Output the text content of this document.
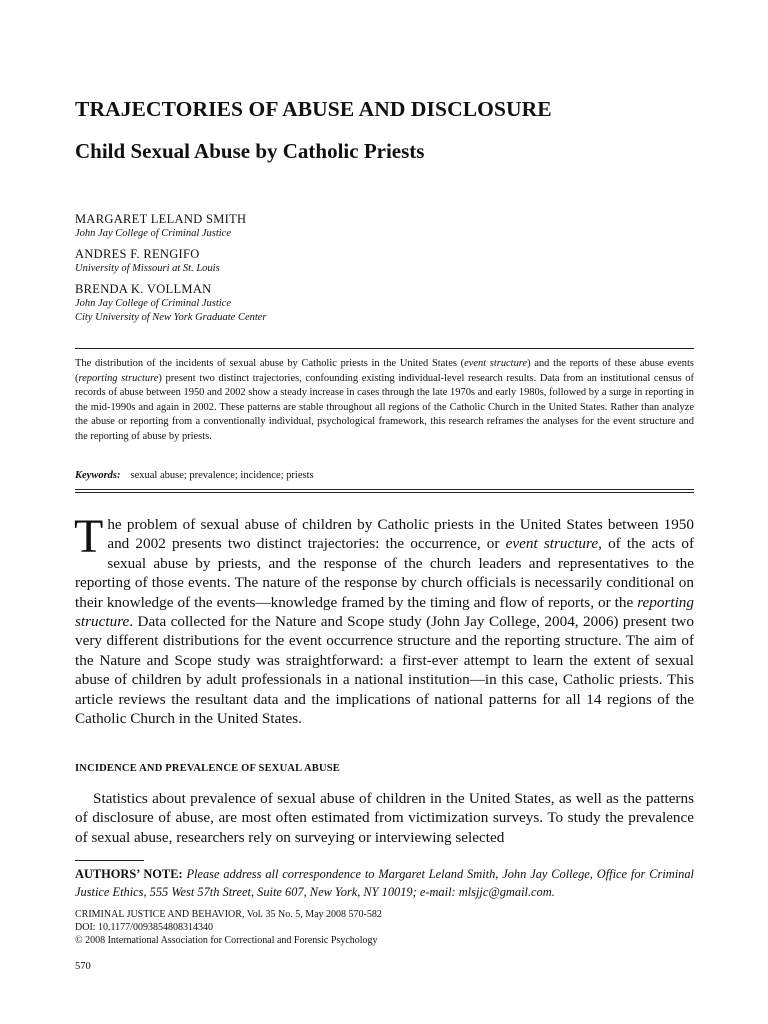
TRAJECTORIES OF ABUSE AND DISCLOSURE
Child Sexual Abuse by Catholic Priests
MARGARET LELAND SMITH
John Jay College of Criminal Justice
ANDRES F. RENGIFO
University of Missouri at St. Louis
BRENDA K. VOLLMAN
John Jay College of Criminal Justice
City University of New York Graduate Center
The distribution of the incidents of sexual abuse by Catholic priests in the United States (event structure) and the reports of these abuse events (reporting structure) present two distinct trajectories, confounding existing individual-level research results. Data from an institutional census of records of abuse between 1950 and 2002 show a steady increase in cases through the late 1970s and early 1980s, followed by a surge in reporting in the mid-1990s and again in 2002. These patterns are stable throughout all regions of the Catholic Church in the United States. Rather than analyze the abuse or reporting from a conventionally individual, psychological framework, this research reframes the analyses for the event structure and the reporting of abuse by priests.
Keywords: sexual abuse; prevalence; incidence; priests
The problem of sexual abuse of children by Catholic priests in the United States between 1950 and 2002 presents two distinct trajectories: the occurrence, or event structure, of the acts of sexual abuse by priests, and the response of the church leaders and representatives to the reporting of those events. The nature of the response by church officials is necessarily conditional on their knowledge of the events—knowledge framed by the timing and flow of reports, or the reporting structure. Data collected for the Nature and Scope study (John Jay College, 2004, 2006) present two very different distributions for the event occurrence structure and the reporting structure. The aim of the Nature and Scope study was straightforward: a first-ever attempt to learn the extent of sexual abuse of children by adult professionals in a national institution—in this case, Catholic priests. This article reviews the resultant data and the implications of national patterns for all 14 regions of the Catholic Church in the United States.
INCIDENCE AND PREVALENCE OF SEXUAL ABUSE
Statistics about prevalence of sexual abuse of children in the United States, as well as the patterns of disclosure of abuse, are most often estimated from victimization surveys. To study the prevalence of sexual abuse, researchers rely on surveying or interviewing selected
AUTHORS’ NOTE: Please address all correspondence to Margaret Leland Smith, John Jay College, Office for Criminal Justice Ethics, 555 West 57th Street, Suite 607, New York, NY 10019; e-mail: mlsjjc@gmail.com.
CRIMINAL JUSTICE AND BEHAVIOR, Vol. 35 No. 5, May 2008 570-582
DOI: 10.1177/0093854808314340
© 2008 International Association for Correctional and Forensic Psychology
570
